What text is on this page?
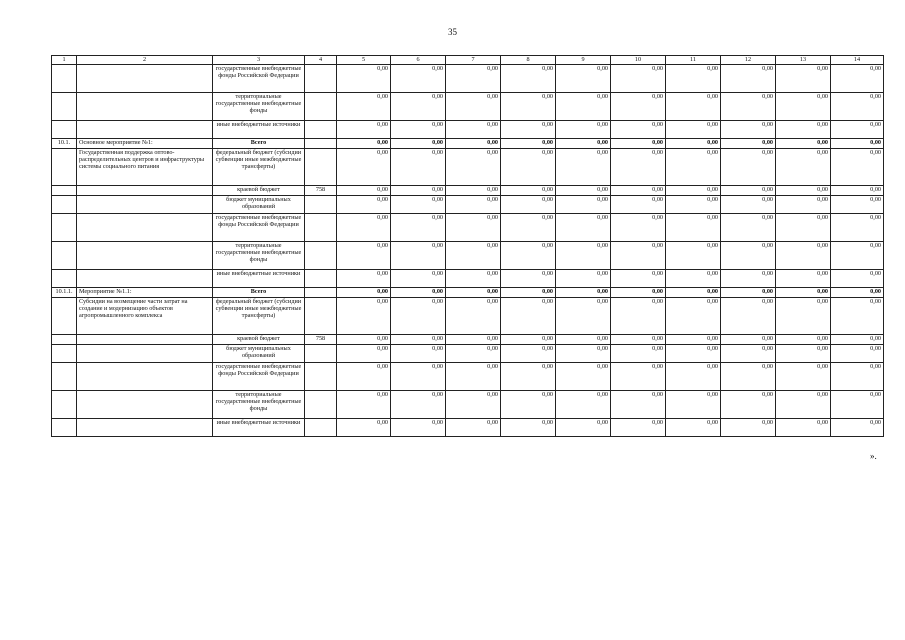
35
1	2	3	4	5	6	7	8	9	10	11	12	13	14
		государственные внебюджетные фонды Российской Федерации		0,00	0,00	0,00	0,00	0,00	0,00	0,00	0,00	0,00	0,00
		территориальные государственные внебюджетные фонды		0,00	0,00	0,00	0,00	0,00	0,00	0,00	0,00	0,00	0,00
		иные внебюджетные источники		0,00	0,00	0,00	0,00	0,00	0,00	0,00	0,00	0,00	0,00
10.1.	Основное мероприятие №1:	Всего		0,00	0,00	0,00	0,00	0,00	0,00	0,00	0,00	0,00	0,00
	Государственная поддержка оптово-распределительных центров и инфраструктуры системы социального питания	федеральный бюджет (субсидии субвенции иные межбюджетные трансферты)		0,00	0,00	0,00	0,00	0,00	0,00	0,00	0,00	0,00	0,00
		краевой бюджет	758	0,00	0,00	0,00	0,00	0,00	0,00	0,00	0,00	0,00	0,00
		бюджет муниципальных образований		0,00	0,00	0,00	0,00	0,00	0,00	0,00	0,00	0,00	0,00
		государственные внебюджетные фонды Российской Федерации		0,00	0,00	0,00	0,00	0,00	0,00	0,00	0,00	0,00	0,00
		территориальные государственные внебюджетные фонды		0,00	0,00	0,00	0,00	0,00	0,00	0,00	0,00	0,00	0,00
		иные внебюджетные источники		0,00	0,00	0,00	0,00	0,00	0,00	0,00	0,00	0,00	0,00
10.1.1.	Мероприятие №1.1:	Всего		0,00	0,00	0,00	0,00	0,00	0,00	0,00	0,00	0,00	0,00
	Субсидии на возмещение части затрат на создание и модернизацию объектов агропромышленного комплекса	федеральный бюджет (субсидии субвенции иные межбюджетные трансферты)		0,00	0,00	0,00	0,00	0,00	0,00	0,00	0,00	0,00	0,00
		краевой бюджет	758	0,00	0,00	0,00	0,00	0,00	0,00	0,00	0,00	0,00	0,00
		бюджет муниципальных образований		0,00	0,00	0,00	0,00	0,00	0,00	0,00	0,00	0,00	0,00
		государственные внебюджетные фонды Российской Федерации		0,00	0,00	0,00	0,00	0,00	0,00	0,00	0,00	0,00	0,00
		территориальные государственные внебюджетные фонды		0,00	0,00	0,00	0,00	0,00	0,00	0,00	0,00	0,00	0,00
		иные внебюджетные источники		0,00	0,00	0,00	0,00	0,00	0,00	0,00	0,00	0,00	0,00
».
